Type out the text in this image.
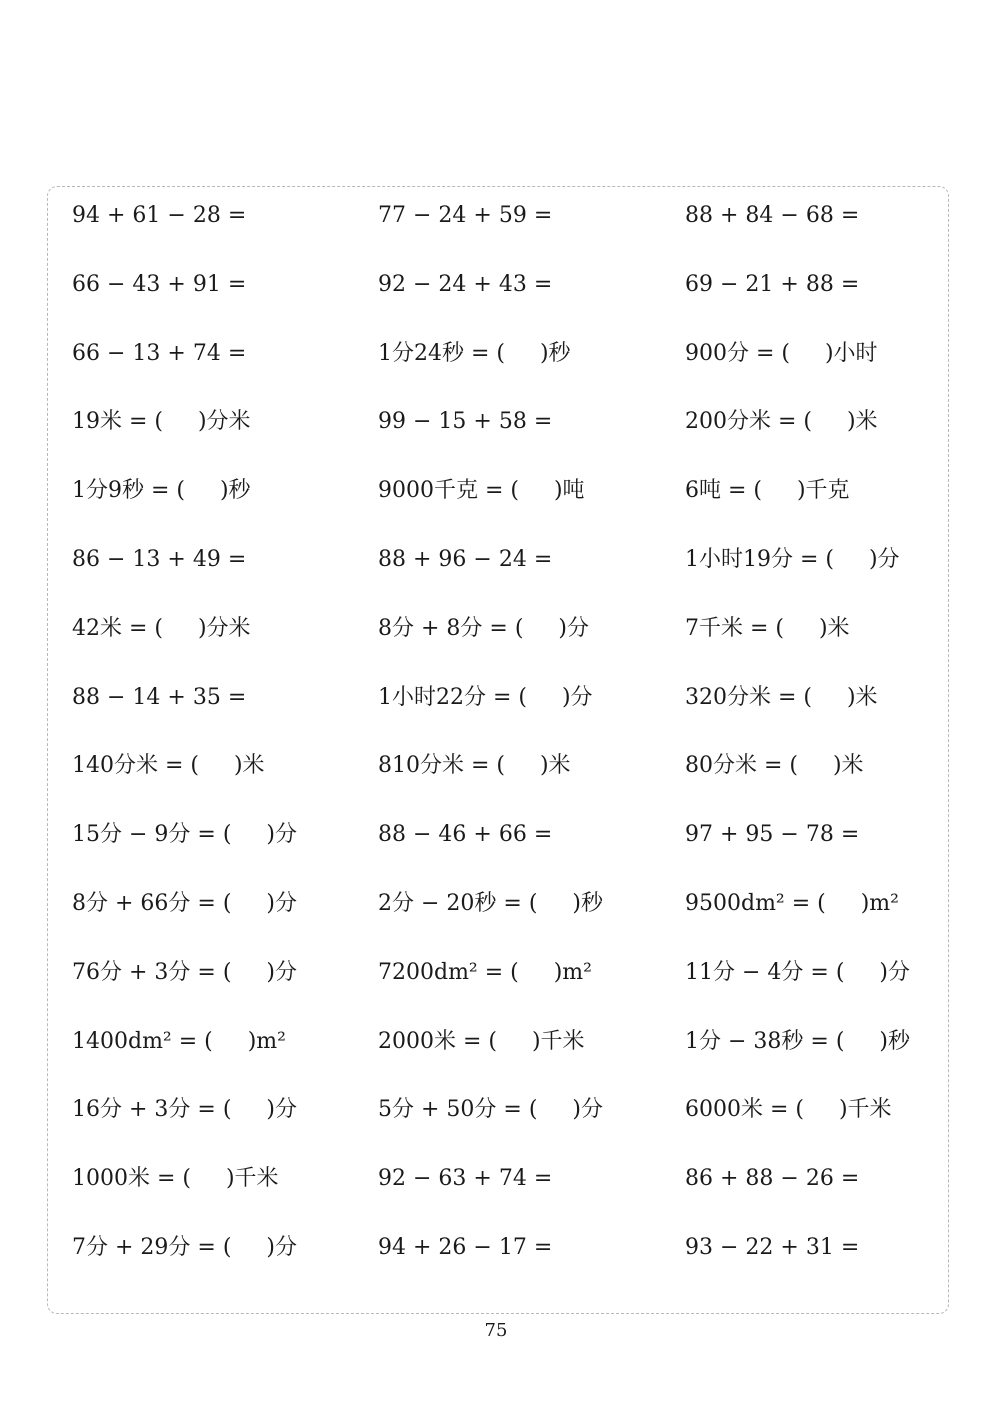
94 + 61 − 28 =	77 − 24 + 59 =	88 + 84 − 68 =
66 − 43 + 91 =	92 − 24 + 43 =	69 − 21 + 88 =
66 − 13 + 74 =	1分24秒 = (     )秒	900分 = (     )小时
19米 = (     )分米	99 − 15 + 58 =	200分米 = (     )米
1分9秒 = (     )秒	9000千克 = (     )吨	6吨 = (     )千克
86 − 13 + 49 =	88 + 96 − 24 =	1小时19分 = (     )分
42米 = (     )分米	8分 + 8分 = (     )分	7千米 = (     )米
88 − 14 + 35 =	1小时22分 = (     )分	320分米 = (     )米
140分米 = (     )米	810分米 = (     )米	80分米 = (     )米
15分 − 9分 = (     )分	88 − 46 + 66 =	97 + 95 − 78 =
8分 + 66分 = (     )分	2分 − 20秒 = (     )秒	9500dm² = (     )m²
76分 + 3分 = (     )分	7200dm² = (     )m²	11分 − 4分 = (     )分
1400dm² = (     )m²	2000米 = (     )千米	1分 − 38秒 = (     )秒
16分 + 3分 = (     )分	5分 + 50分 = (     )分	6000米 = (     )千米
1000米 = (     )千米	92 − 63 + 74 =	86 + 88 − 26 =
7分 + 29分 = (     )分	94 + 26 − 17 =	93 − 22 + 31 =
75
